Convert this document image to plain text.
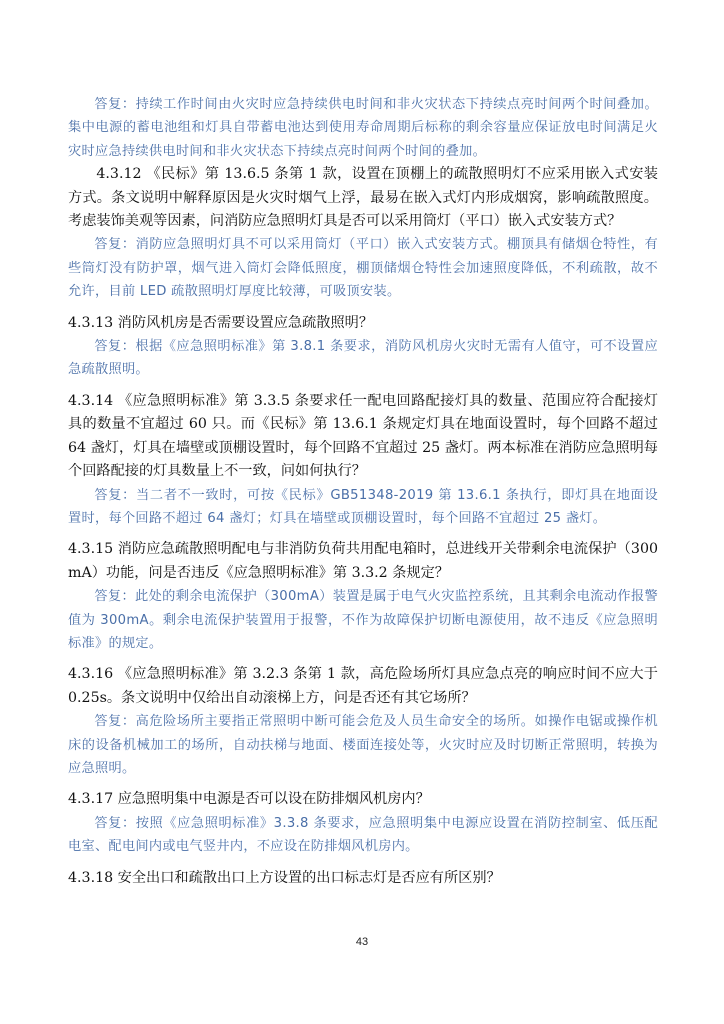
答复：持续工作时间由火灾时应急持续供电时间和非火灾状态下持续点亮时间两个时间叠加。集中电源的蓄电池组和灯具自带蓄电池达到使用寿命周期后标称的剩余容量应保证放电时间满足火灾时应急持续供电时间和非火灾状态下持续点亮时间两个时间的叠加。

4.3.12 《民标》第 13.6.5 条第 1 款，设置在顶棚上的疏散照明灯不应采用嵌入式安装方式。条文说明中解释原因是火灾时烟气上浮，最易在嵌入式灯内形成烟窝，影响疏散照度。考虑装饰美观等因素，问消防应急照明灯具是否可以采用筒灯（平口）嵌入式安装方式？

答复：消防应急照明灯具不可以采用筒灯（平口）嵌入式安装方式。棚顶具有储烟仓特性，有些筒灯没有防护罩，烟气进入筒灯会降低照度，棚顶储烟仓特性会加速照度降低，不利疏散，故不允许，目前 LED 疏散照明灯厚度比较薄，可吸顶安装。

4.3.13 消防风机房是否需要设置应急疏散照明？

答复：根据《应急照明标准》第 3.8.1 条要求，消防风机房火灾时无需有人值守，可不设置应急疏散照明。

4.3.14 《应急照明标准》第 3.3.5 条要求任一配电回路配接灯具的数量、范围应符合配接灯具的数量不宜超过 60 只。而《民标》第 13.6.1 条规定灯具在地面设置时，每个回路不超过 64 盏灯，灯具在墙壁或顶棚设置时，每个回路不宜超过 25 盏灯。两本标准在消防应急照明每个回路配接的灯具数量上不一致，问如何执行？

答复：当二者不一致时，可按《民标》GB51348-2019 第 13.6.1 条执行，即灯具在地面设置时，每个回路不超过 64 盏灯；灯具在墙壁或顶棚设置时，每个回路不宜超过 25 盏灯。

4.3.15 消防应急疏散照明配电与非消防负荷共用配电箱时，总进线开关带剩余电流保护（300mA）功能，问是否违反《应急照明标准》第 3.3.2 条规定？

答复：此处的剩余电流保护（300mA）装置是属于电气火灾监控系统，且其剩余电流动作报警值为 300mA。剩余电流保护装置用于报警，不作为故障保护切断电源使用，故不违反《应急照明标准》的规定。

4.3.16 《应急照明标准》第 3.2.3 条第 1 款，高危险场所灯具应急点亮的响应时间不应大于 0.25s。条文说明中仅给出自动滚梯上方，问是否还有其它场所？

答复：高危险场所主要指正常照明中断可能会危及人员生命安全的场所。如操作电锯或操作机床的设备机械加工的场所，自动扶梯与地面、楼面连接处等，火灾时应及时切断正常照明，转换为应急照明。

4.3.17 应急照明集中电源是否可以设在防排烟风机房内？

答复：按照《应急照明标准》3.3.8 条要求，应急照明集中电源应设置在消防控制室、低压配电室、配电间内或电气竖井内，不应设在防排烟风机房内。

4.3.18 安全出口和疏散出口上方设置的出口标志灯是否应有所区别？

43
